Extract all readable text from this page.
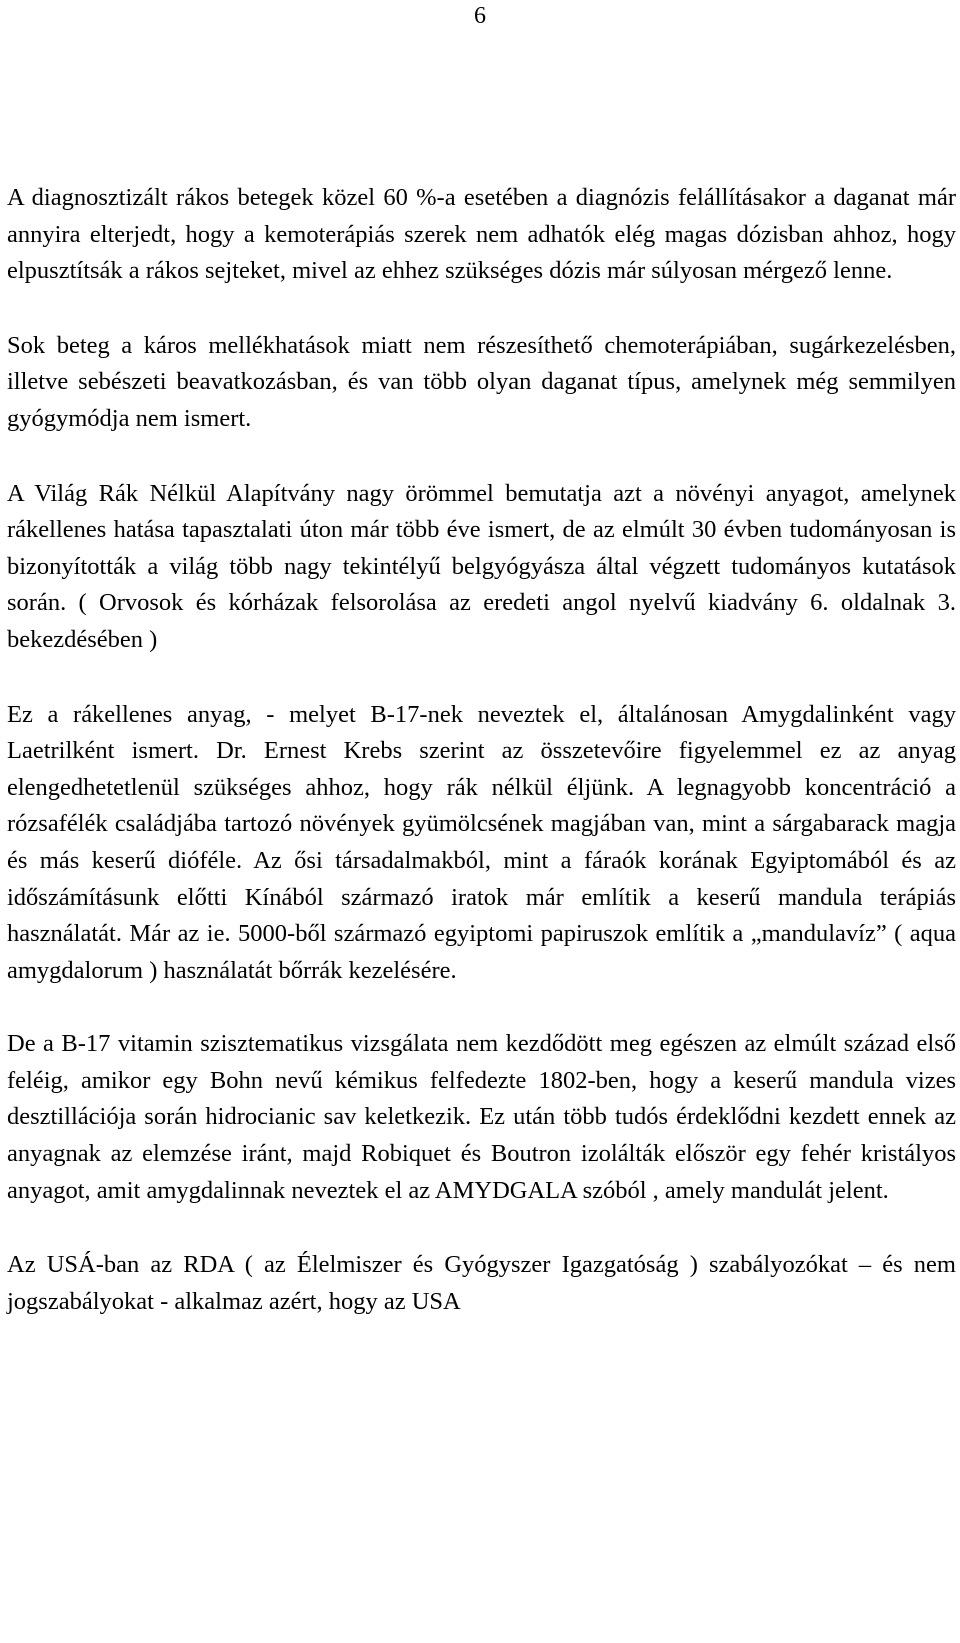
6

A diagnosztizált rákos betegek közel 60 %-a esetében a diagnózis felállításakor a daganat már annyira elterjedt, hogy a kemoterápiás szerek nem adhatók elég magas dózisban ahhoz, hogy elpusztítsák a rákos sejteket, mivel az ehhez szükséges dózis már súlyosan mérgező lenne.

Sok beteg a káros mellékhatások miatt nem részesíthető chemoterápiában, sugárkezelésben, illetve sebészeti beavatkozásban, és van több olyan daganat típus, amelynek még semmilyen gyógymódja nem ismert.

A Világ Rák Nélkül Alapítvány nagy örömmel bemutatja azt a növényi anyagot, amelynek rákellenes hatása tapasztalati úton már több éve ismert, de az elmúlt 30 évben tudományosan is bizonyították a világ több nagy tekintélyű belgyógyásza által végzett tudományos kutatások során. ( Orvosok és kórházak felsorolása az eredeti angol nyelvű kiadvány 6. oldalnak 3. bekezdésében )

Ez a rákellenes anyag, - melyet B-17-nek neveztek el, általánosan Amygdalinként vagy Laetrilként ismert. Dr. Ernest Krebs szerint az összetevőire figyelemmel ez az anyag elengedhetetlenül szükséges ahhoz, hogy rák nélkül éljünk. A legnagyobb koncentráció a rózsafélék családjába tartozó növények gyümölcsének magjában van, mint a sárgabarack magja és más keserű dióféle. Az ősi társadalmakból, mint a fáraók korának Egyiptomából és az időszámításunk előtti Kínából származó iratok már említik a keserű mandula terápiás használatát. Már az ie. 5000-ből származó egyiptomi papiruszok említik a „mandulavíz” ( aqua amygdalorum ) használatát bőrrák kezelésére.

De a B-17 vitamin szisztematikus vizsgálata nem kezdődött meg egészen az elmúlt század első feléig, amikor egy Bohn nevű kémikus felfedezte 1802-ben, hogy a keserű mandula vizes desztillációja során hidrocianic sav keletkezik. Ez után több tudós érdeklődni kezdett ennek az anyagnak az elemzése iránt, majd Robiquet és Boutron izolálták először egy fehér kristályos anyagot, amit amygdalinnak neveztek el az AMYDGALA szóból , amely mandulát jelent.

Az USÁ-ban az RDA ( az Élelmiszer és Gyógyszer Igazgatóság ) szabályozókat – és nem jogszabályokat - alkalmaz azért, hogy az USA
